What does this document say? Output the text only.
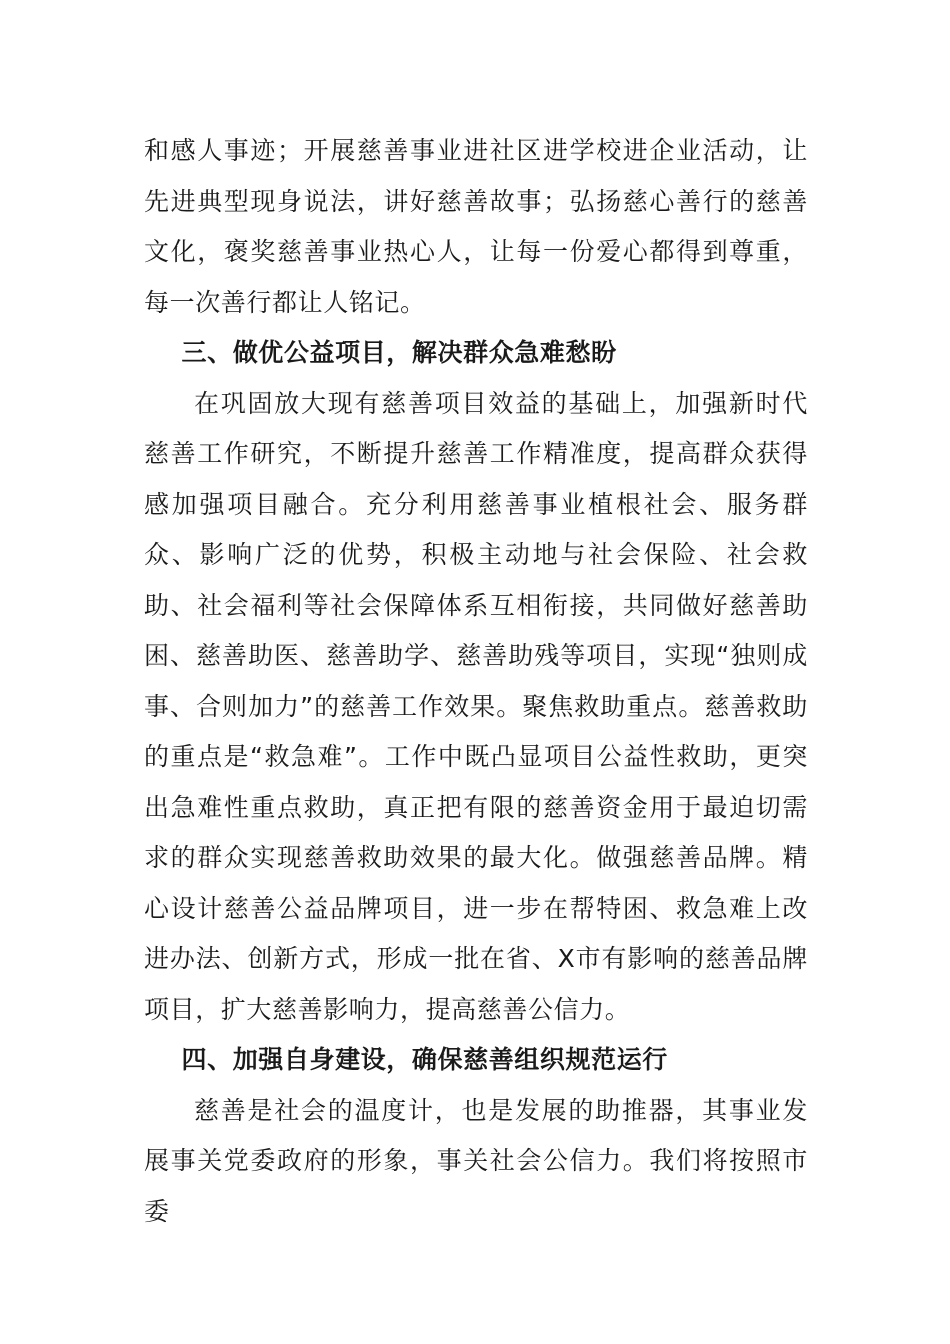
和感人事迹；开展慈善事业进社区进学校进企业活动，让先进典型现身说法，讲好慈善故事；弘扬慈心善行的慈善文化，褒奖慈善事业热心人，让每一份爱心都得到尊重，每一次善行都让人铭记。

三、做优公益项目，解决群众急难愁盼

在巩固放大现有慈善项目效益的基础上，加强新时代慈善工作研究，不断提升慈善工作精准度，提高群众获得感加强项目融合。充分利用慈善事业植根社会、服务群众、影响广泛的优势，积极主动地与社会保险、社会救助、社会福利等社会保障体系互相衔接，共同做好慈善助困、慈善助医、慈善助学、慈善助残等项目，实现“独则成事、合则加力”的慈善工作效果。聚焦救助重点。慈善救助的重点是“救急难”。工作中既凸显项目公益性救助，更突出急难性重点救助，真正把有限的慈善资金用于最迫切需求的群众实现慈善救助效果的最大化。做强慈善品牌。精心设计慈善公益品牌项目，进一步在帮特困、救急难上改进办法、创新方式，形成一批在省、X市有影响的慈善品牌项目，扩大慈善影响力，提高慈善公信力。

四、加强自身建设，确保慈善组织规范运行

慈善是社会的温度计，也是发展的助推器，其事业发展事关党委政府的形象，事关社会公信力。我们将按照市委
